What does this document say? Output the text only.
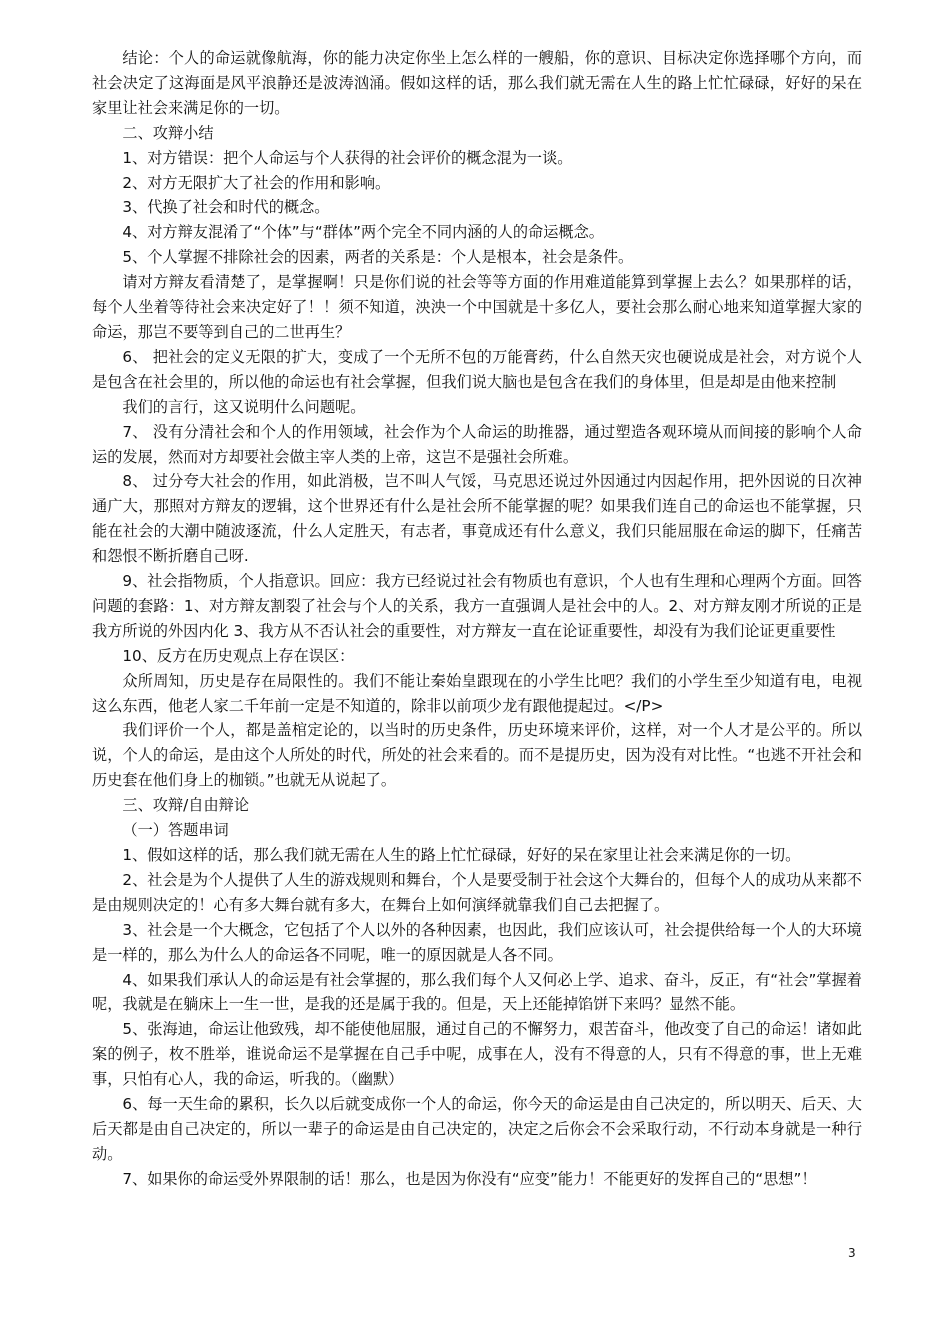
结论：个人的命运就像航海，你的能力决定你坐上怎么样的一艘船，你的意识、目标决定你选择哪个方向，而社会决定了这海面是风平浪静还是波涛汹涌。假如这样的话，那么我们就无需在人生的路上忙忙碌碌，好好的呆在家里让社会来满足你的一切。

二、攻辩小结

1、对方错误：把个人命运与个人获得的社会评价的概念混为一谈。

2、对方无限扩大了社会的作用和影响。

3、代换了社会和时代的概念。

4、对方辩友混淆了“个体”与“群体”两个完全不同内涵的人的命运概念。

5、个人掌握不排除社会的因素，两者的关系是：个人是根本，社会是条件。

请对方辩友看清楚了，是掌握啊！只是你们说的社会等等方面的作用难道能算到掌握上去么？如果那样的话，每个人坐着等待社会来决定好了！！须不知道，泱泱一个中国就是十多亿人，要社会那么耐心地来知道掌握大家的命运，那岂不要等到自己的二世再生？

6、 把社会的定义无限的扩大，变成了一个无所不包的万能膏药，什么自然天灾也硬说成是社会，对方说个人是包含在社会里的，所以他的命运也有社会掌握，但我们说大脑也是包含在我们的身体里，但是却是由他来控制

我们的言行，这又说明什么问题呢。

7、 没有分清社会和个人的作用领域，社会作为个人命运的助推器，通过塑造各观环境从而间接的影响个人命运的发展，然而对方却要社会做主宰人类的上帝，这岂不是强社会所难。

8、 过分夸大社会的作用，如此消极，岂不叫人气馁，马克思还说过外因通过内因起作用，把外因说的日次神通广大，那照对方辩友的逻辑，这个世界还有什么是社会所不能掌握的呢？如果我们连自己的命运也不能掌握，只能在社会的大潮中随波逐流，什么人定胜天，有志者，事竟成还有什么意义，我们只能屈服在命运的脚下，任痛苦和怨恨不断折磨自己呀.

9、社会指物质，个人指意识。回应：我方已经说过社会有物质也有意识，个人也有生理和心理两个方面。回答问题的套路：1、对方辩友割裂了社会与个人的关系，我方一直强调人是社会中的人。2、对方辩友刚才所说的正是我方所说的外因内化 3、我方从不否认社会的重要性，对方辩友一直在论证重要性，却没有为我们论证更重要性

10、反方在历史观点上存在误区：

众所周知，历史是存在局限性的。我们不能让秦始皇跟现在的小学生比吧？我们的小学生至少知道有电，电视这么东西，他老人家二千年前一定是不知道的，除非以前项少龙有跟他提起过。</P>

我们评价一个人，都是盖棺定论的，以当时的历史条件，历史环境来评价，这样，对一个人才是公平的。所以说，个人的命运，是由这个人所处的时代，所处的社会来看的。而不是提历史，因为没有对比性。“也逃不开社会和历史套在他们身上的枷锁。”也就无从说起了。

三、攻辩/自由辩论

（一）答题串词

1、假如这样的话，那么我们就无需在人生的路上忙忙碌碌，好好的呆在家里让社会来满足你的一切。

2、社会是为个人提供了人生的游戏规则和舞台，个人是要受制于社会这个大舞台的，但每个人的成功从来都不是由规则决定的！心有多大舞台就有多大，在舞台上如何演绎就靠我们自己去把握了。

3、社会是一个大概念，它包括了个人以外的各种因素，也因此，我们应该认可，社会提供给每一个人的大环境是一样的，那么为什么人的命运各不同呢，唯一的原因就是人各不同。

4、如果我们承认人的命运是有社会掌握的，那么我们每个人又何必上学、追求、奋斗，反正，有“社会”掌握着呢，我就是在躺床上一生一世，是我的还是属于我的。但是，天上还能掉馅饼下来吗？显然不能。

5、张海迪，命运让他致残，却不能使他屈服，通过自己的不懈努力，艰苦奋斗，他改变了自己的命运！诸如此案的例子，枚不胜举，谁说命运不是掌握在自己手中呢，成事在人，没有不得意的人，只有不得意的事，世上无难事，只怕有心人，我的命运，听我的。（幽默）

6、每一天生命的累积，长久以后就变成你一个人的命运，你今天的命运是由自己决定的，所以明天、后天、大后天都是由自己决定的，所以一辈子的命运是由自己决定的，决定之后你会不会采取行动，不行动本身就是一种行动。

7、如果你的命运受外界限制的话！那么，也是因为你没有“应变”能力！不能更好的发挥自己的“思想”！

3
